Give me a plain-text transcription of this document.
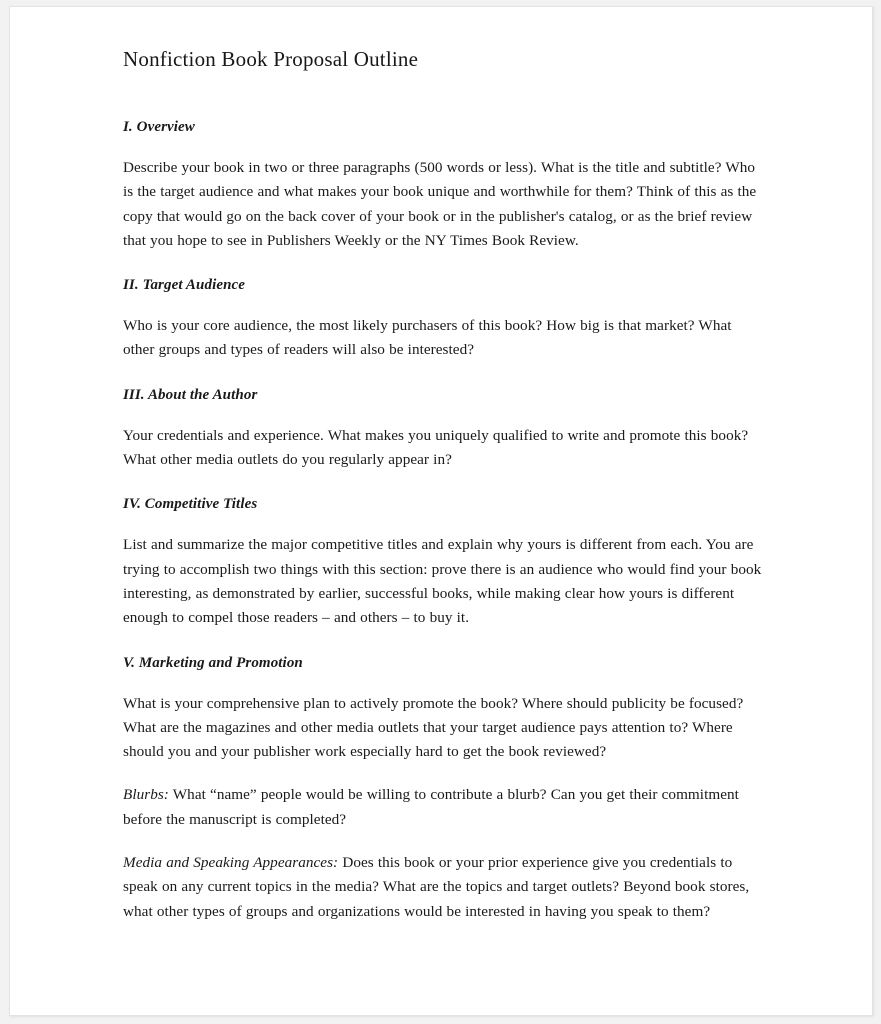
Nonfiction Book Proposal Outline

I. Overview

Describe your book in two or three paragraphs (500 words or less). What is the title and subtitle? Who is the target audience and what makes your book unique and worthwhile for them? Think of this as the copy that would go on the back cover of your book or in the publisher's catalog, or as the brief review that you hope to see in Publishers Weekly or the NY Times Book Review.

II. Target Audience

Who is your core audience, the most likely purchasers of this book? How big is that market? What other groups and types of readers will also be interested?

III. About the Author

Your credentials and experience. What makes you uniquely qualified to write and promote this book? What other media outlets do you regularly appear in?

IV. Competitive Titles

List and summarize the major competitive titles and explain why yours is different from each. You are trying to accomplish two things with this section: prove there is an audience who would find your book interesting, as demonstrated by earlier, successful books, while making clear how yours is different enough to compel those readers – and others – to buy it.

V. Marketing and Promotion

What is your comprehensive plan to actively promote the book? Where should publicity be focused? What are the magazines and other media outlets that your target audience pays attention to? Where should you and your publisher work especially hard to get the book reviewed?

Blurbs: What “name” people would be willing to contribute a blurb? Can you get their commitment before the manuscript is completed?

Media and Speaking Appearances: Does this book or your prior experience give you credentials to speak on any current topics in the media? What are the topics and target outlets? Beyond book stores, what other types of groups and organizations would be interested in having you speak to them?
